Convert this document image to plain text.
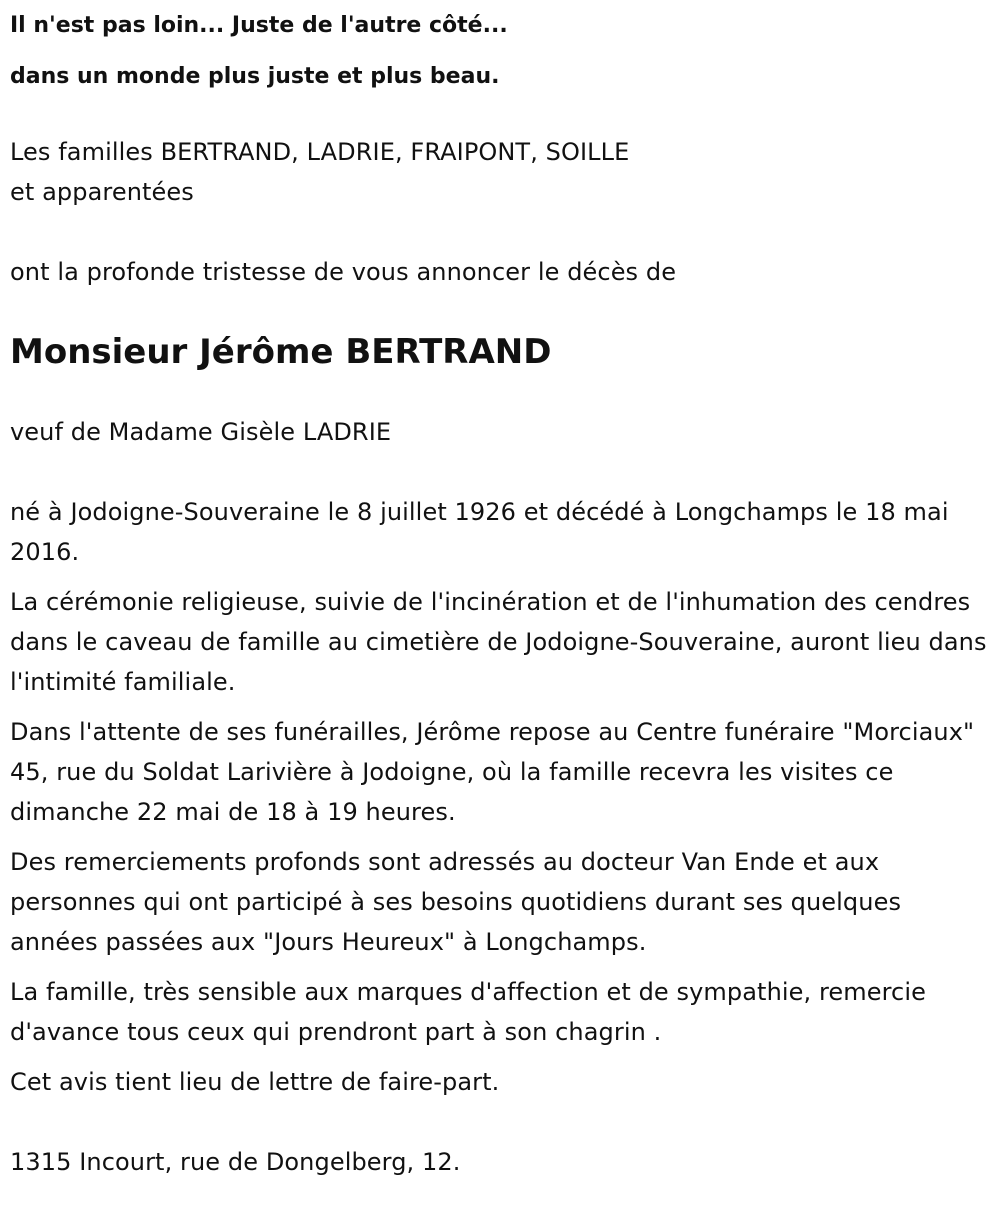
Il n'est pas loin... Juste de l'autre côté...

dans un monde plus juste et plus beau.

Les familles BERTRAND, LADRIE, FRAIPONT, SOILLE

et apparentées

ont la profonde tristesse de vous annoncer le décès de

Monsieur Jérôme BERTRAND

veuf de Madame Gisèle LADRIE

né à Jodoigne-Souveraine le 8 juillet 1926 et décédé à Longchamps le 18 mai 2016.

La cérémonie religieuse, suivie de l'incinération et de l'inhumation des cendres dans le caveau de famille au cimetière de Jodoigne-Souveraine, auront lieu dans l'intimité familiale.

Dans l'attente de ses funérailles, Jérôme repose au Centre funéraire "Morciaux" 45, rue du Soldat Larivière à Jodoigne, où la famille recevra les visites ce dimanche 22 mai de 18 à 19 heures.

Des remerciements profonds sont adressés au docteur Van Ende et aux personnes qui ont participé à ses besoins quotidiens durant ses quelques années passées aux "Jours Heureux" à Longchamps.

La famille, très sensible aux marques d'affection et de sympathie, remercie d'avance tous ceux qui prendront part à son chagrin .

Cet avis tient lieu de lettre de faire-part.

1315 Incourt, rue de Dongelberg, 12.
